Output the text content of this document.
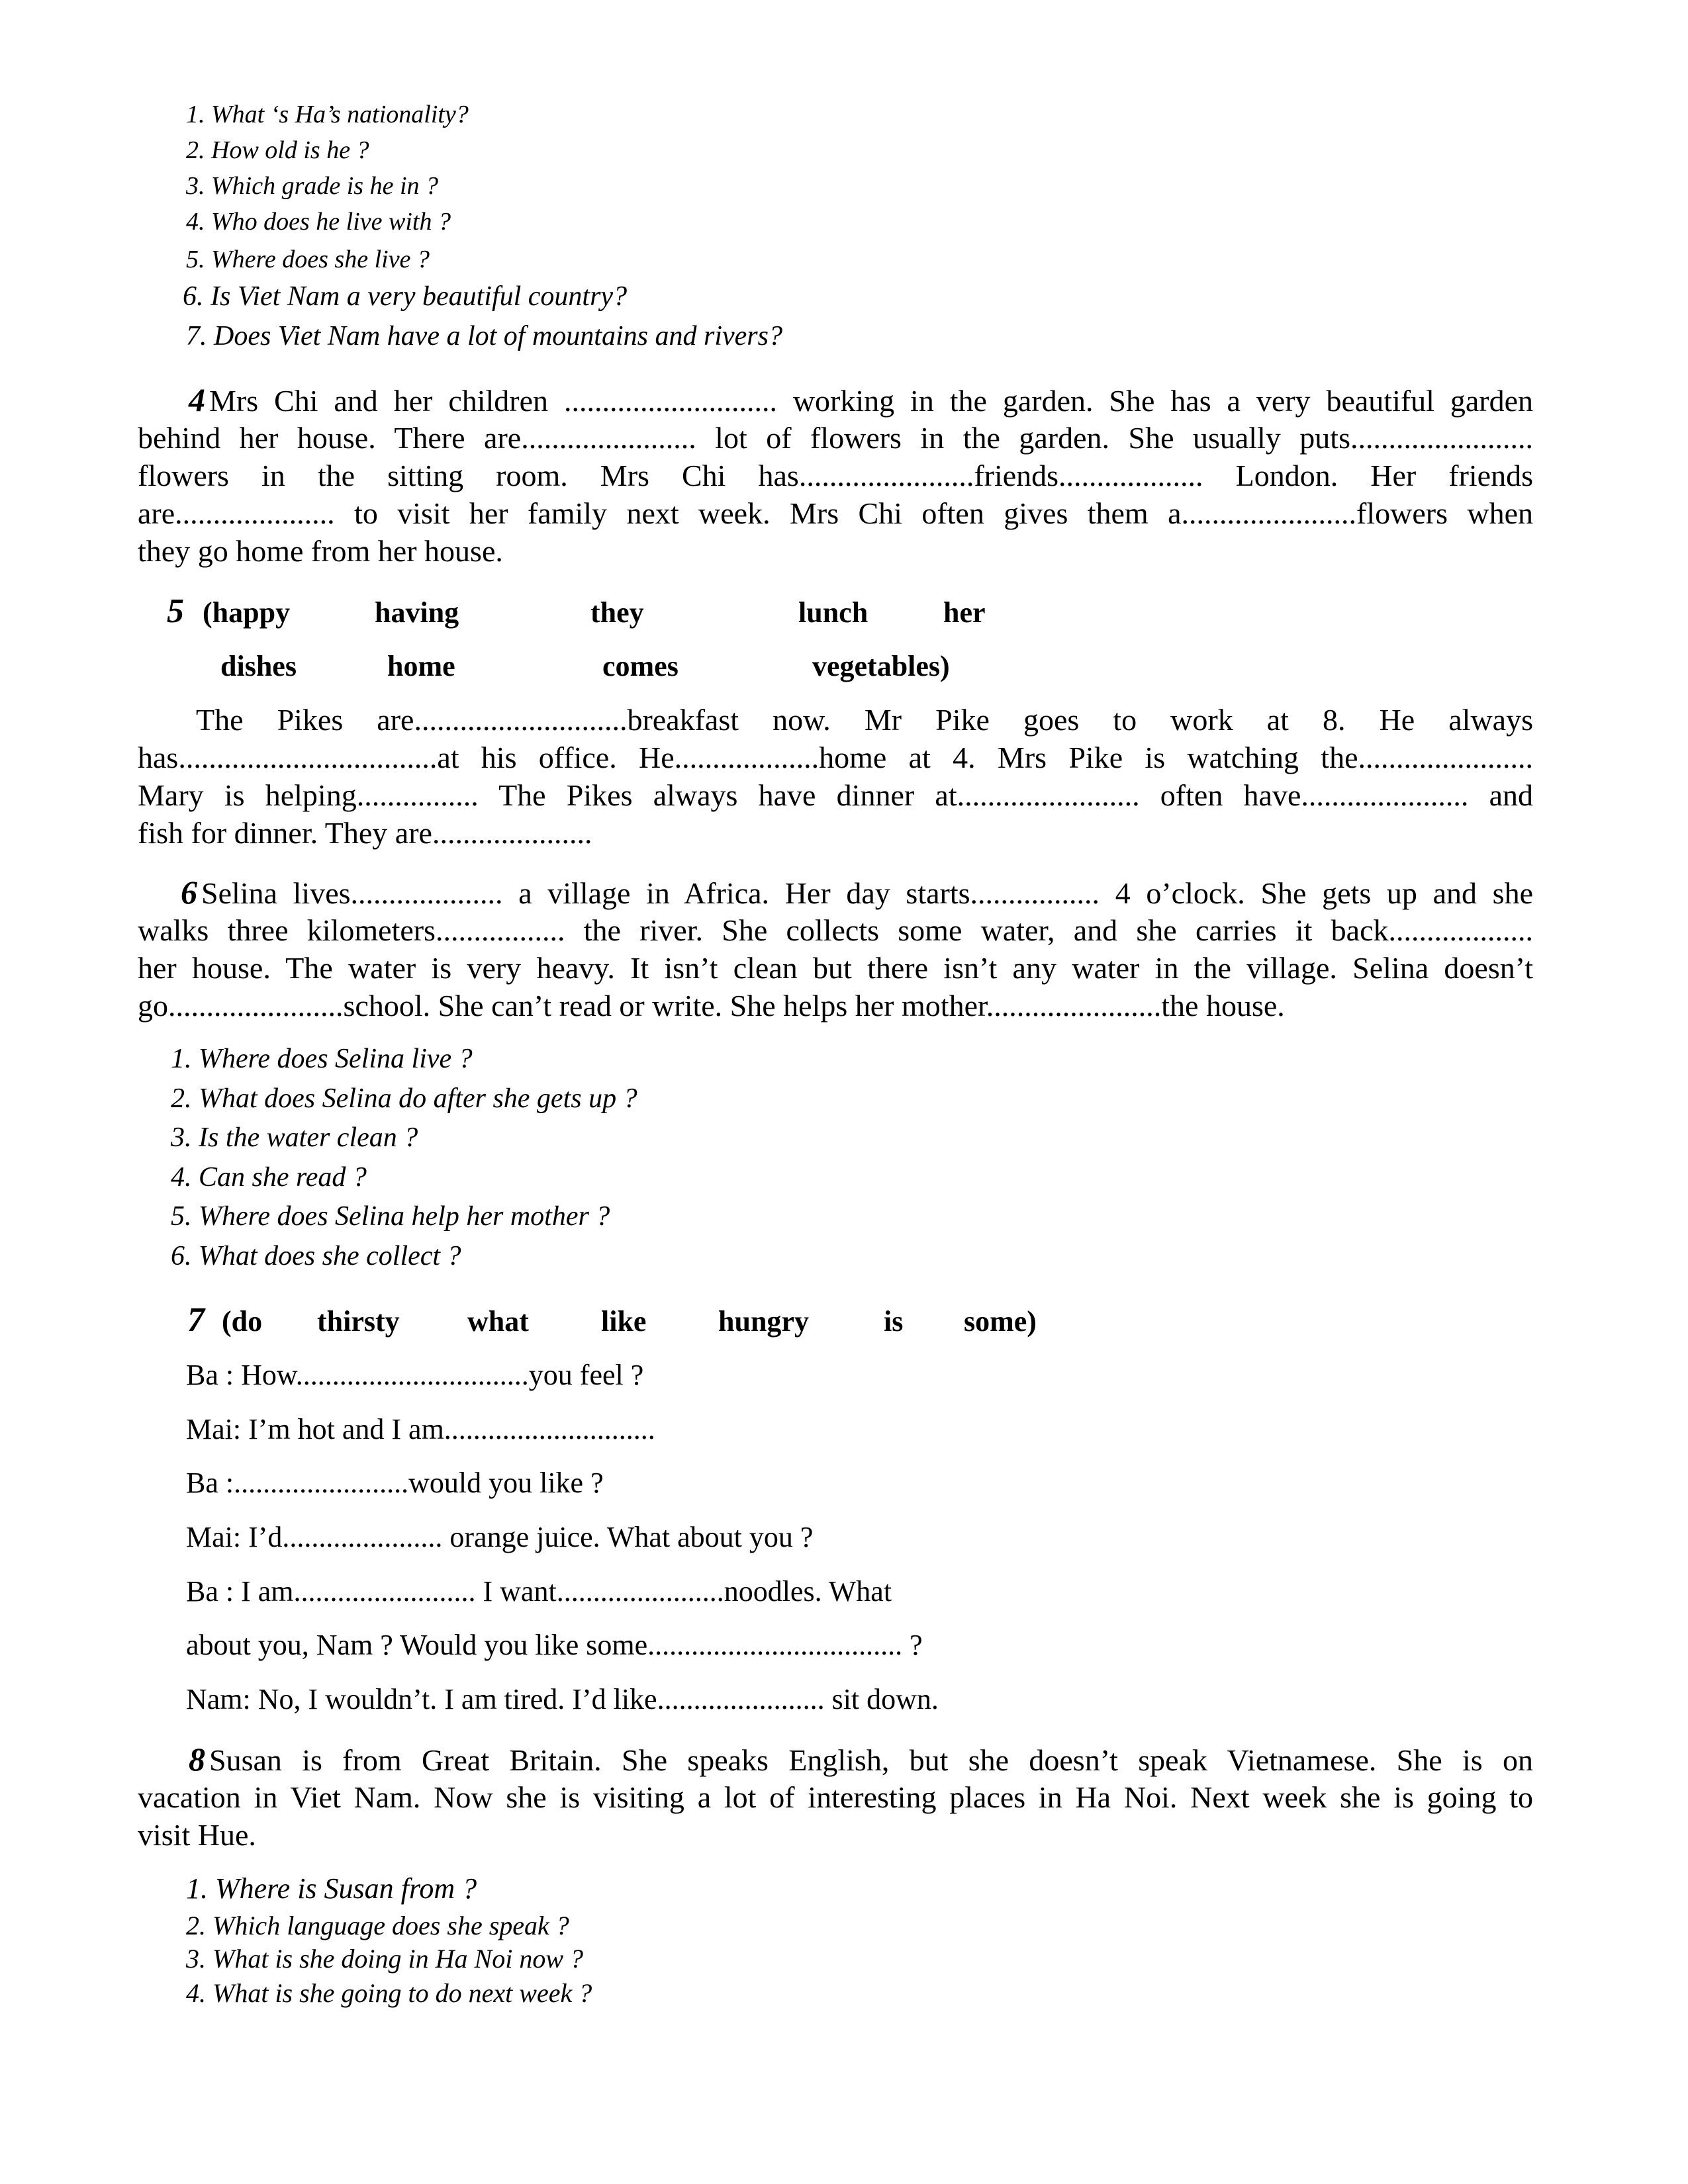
1. What ‘s Ha’s nationality?
2. How old is he ?
3. Which grade is he in ?
4. Who does he live with ?
5. Where does she live ?
6. Is Viet Nam a very beautiful country?
7. Does Viet Nam have a lot of mountains and rivers?
4 Mrs Chi and her children ............................ working in the garden. She has a very beautiful garden
behind her house. There are....................... lot of flowers in the garden. She usually puts........................
flowers in the sitting room. Mrs Chi has.......................friends................... London. Her friends
are..................... to visit her family next week. Mrs Chi often gives them a.......................flowers when
they go home from her house.
5 (happy	having	they	lunch	her
dishes	home	comes	vegetables)
The Pikes are............................breakfast now. Mr Pike goes to work at 8. He always
has..................................at his office. He...................home at 4. Mrs Pike is watching the.......................
Mary is helping................ The Pikes always have dinner at........................ often have...................... and
fish for dinner. They are.....................
6 Selina lives.................... a village in Africa. Her day starts................. 4 o’clock. She gets up and she
walks three kilometers................. the river. She collects some water, and she carries it back...................
her house. The water is very heavy. It isn’t clean but there isn’t any water in the village. Selina doesn’t
go.......................school. She can’t read or write. She helps her mother.......................the house.
1. Where does Selina live ?
2. What does Selina do after she gets up ?
3. Is the water clean ?
4. Can she read ?
5. Where does Selina help her mother ?
6. What does she collect ?
7 (do thirsty what like hungry	is some)
Ba : How................................you feel ?
Mai: I’m hot and I am.............................
Ba :........................would you like ?
Mai: I’d...................... orange juice. What about you ?
Ba : I am......................... I want.......................noodles. What
about you, Nam ? Would you like some................................... ?
Nam: No, I wouldn’t. I am tired. I’d like....................... sit down.
8 Susan is from Great Britain. She speaks English, but she doesn’t speak Vietnamese. She is on
vacation in Viet Nam. Now she is visiting a lot of interesting places in Ha Noi. Next week she is going to
visit Hue.
1. Where is Susan from ?
2. Which language does she speak ?
3. What is she doing in Ha Noi now ?
4. What is she going to do next week ?
